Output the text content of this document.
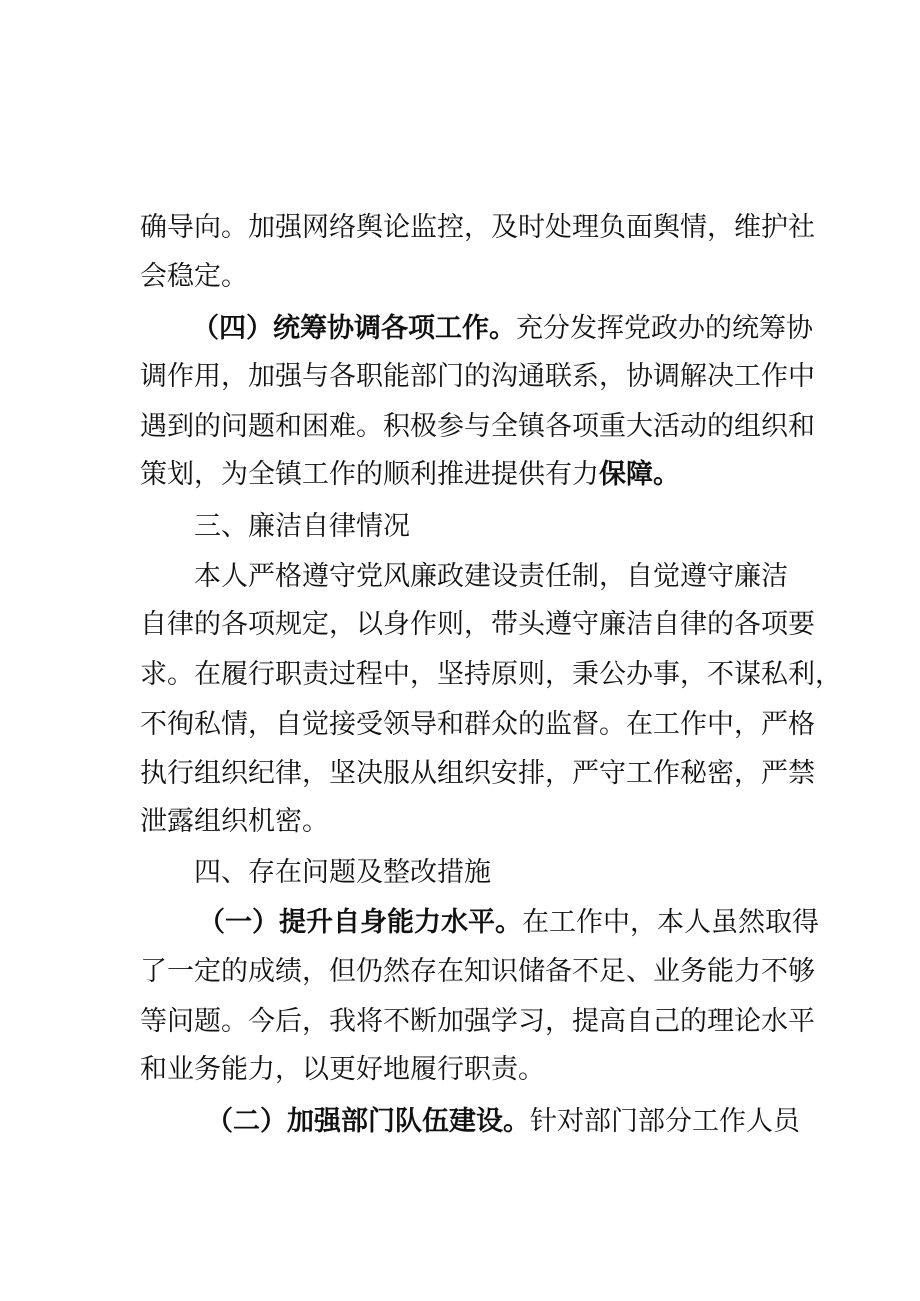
确导向。加强网络舆论监控，及时处理负面舆情，维护社
会稳定。
（四）统筹协调各项工作。充分发挥党政办的统筹协
调作用，加强与各职能部门的沟通联系，协调解决工作中
遇到的问题和困难。积极参与全镇各项重大活动的组织和
策划，为全镇工作的顺利推进提供有力保障。
三、廉洁自律情况
本人严格遵守党风廉政建设责任制，自觉遵守廉洁
自律的各项规定，以身作则，带头遵守廉洁自律的各项要
求。在履行职责过程中，坚持原则，秉公办事，不谋私利，
不徇私情，自觉接受领导和群众的监督。在工作中，严格
执行组织纪律，坚决服从组织安排，严守工作秘密，严禁
泄露组织机密。
四、存在问题及整改措施
（一）提升自身能力水平。在工作中，本人虽然取得
了一定的成绩，但仍然存在知识储备不足、业务能力不够
等问题。今后，我将不断加强学习，提高自己的理论水平
和业务能力，以更好地履行职责。
（二）加强部门队伍建设。针对部门部分工作人员
